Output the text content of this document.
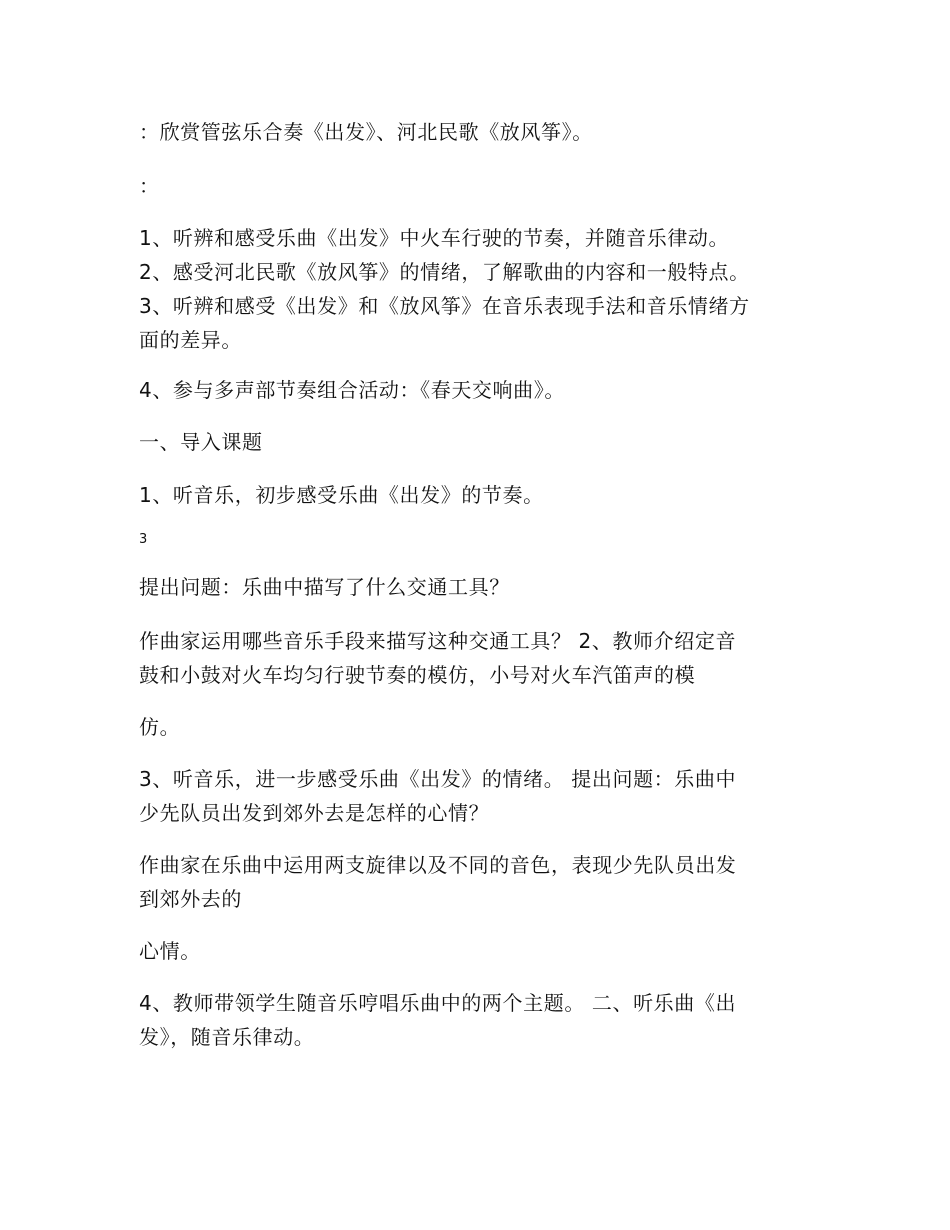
：欣赏管弦乐合奏《出发》、河北民歌《放风筝》。
：
1、听辨和感受乐曲《出发》中火车行驶的节奏，并随音乐律动。
2、感受河北民歌《放风筝》的情绪，了解歌曲的内容和一般特点。
3、听辨和感受《出发》和《放风筝》在音乐表现手法和音乐情绪方
面的差异。
4、参与多声部节奏组合活动：《春天交响曲》。
一、导入课题
1、听音乐，初步感受乐曲《出发》的节奏。
3
提出问题：乐曲中描写了什么交通工具？
作曲家运用哪些音乐手段来描写这种交通工具？ 2、教师介绍定音
鼓和小鼓对火车均匀行驶节奏的模仿，小号对火车汽笛声的模
仿。
3、听音乐，进一步感受乐曲《出发》的情绪。 提出问题：乐曲中
少先队员出发到郊外去是怎样的心情？
作曲家在乐曲中运用两支旋律以及不同的音色，表现少先队员出发
到郊外去的
心情。
4、教师带领学生随音乐哼唱乐曲中的两个主题。 二、听乐曲《出
发》，随音乐律动。
